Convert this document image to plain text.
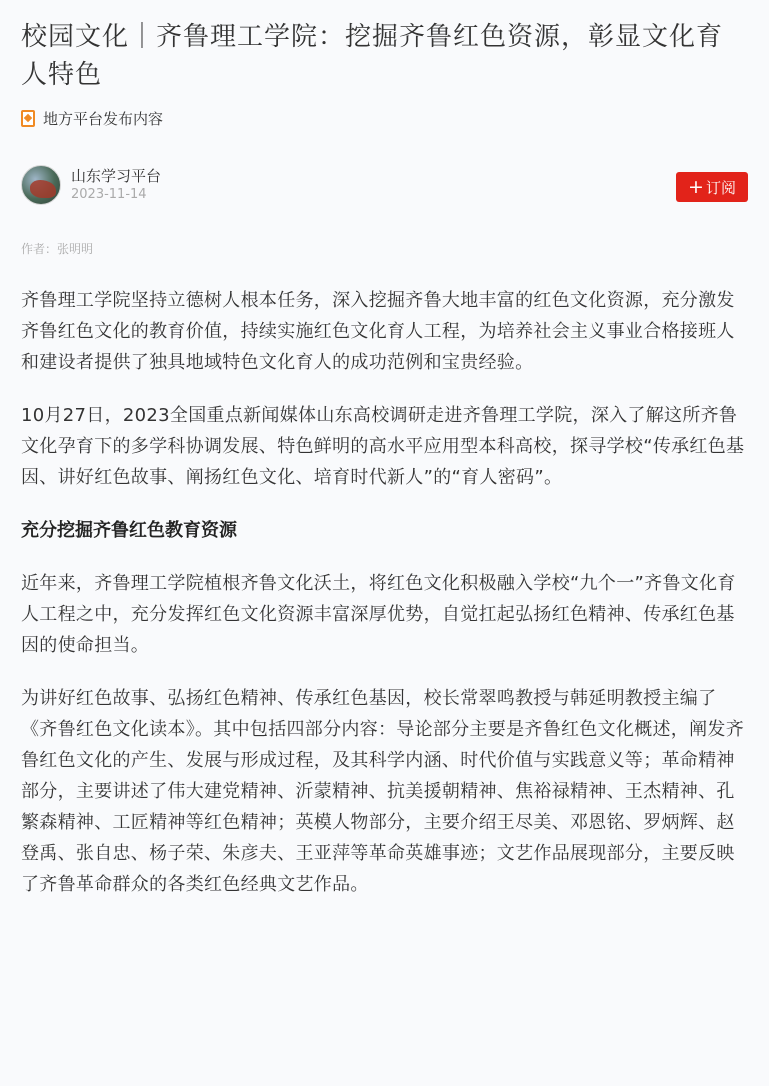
校园文化｜齐鲁理工学院：挖掘齐鲁红色资源，彰显文化育人特色
地方平台发布内容
山东学习平台
2023-11-14	+ 订阅
作者：张明明

齐鲁理工学院坚持立德树人根本任务，深入挖掘齐鲁大地丰富的红色文化资源，充分激发齐鲁红色文化的教育价值，持续实施红色文化育人工程，为培养社会主义事业合格接班人和建设者提供了独具地域特色文化育人的成功范例和宝贵经验。

10月27日，2023全国重点新闻媒体山东高校调研走进齐鲁理工学院，深入了解这所齐鲁文化孕育下的多学科协调发展、特色鲜明的高水平应用型本科高校，探寻学校“传承红色基因、讲好红色故事、阐扬红色文化、培育时代新人”的“育人密码”。

充分挖掘齐鲁红色教育资源

近年来，齐鲁理工学院植根齐鲁文化沃土，将红色文化积极融入学校“九个一”齐鲁文化育人工程之中，充分发挥红色文化资源丰富深厚优势，自觉扛起弘扬红色精神、传承红色基因的使命担当。

为讲好红色故事、弘扬红色精神、传承红色基因，校长常翠鸣教授与韩延明教授主编了《齐鲁红色文化读本》。其中包括四部分内容：导论部分主要是齐鲁红色文化概述，阐发齐鲁红色文化的产生、发展与形成过程，及其科学内涵、时代价值与实践意义等；革命精神部分，主要讲述了伟大建党精神、沂蒙精神、抗美援朝精神、焦裕禄精神、王杰精神、孔繁森精神、工匠精神等红色精神；英模人物部分，主要介绍王尽美、邓恩铭、罗炳辉、赵登禹、张自忠、杨子荣、朱彦夫、王亚萍等革命英雄事迹；文艺作品展现部分，主要反映了齐鲁革命群众的各类红色经典文艺作品。
